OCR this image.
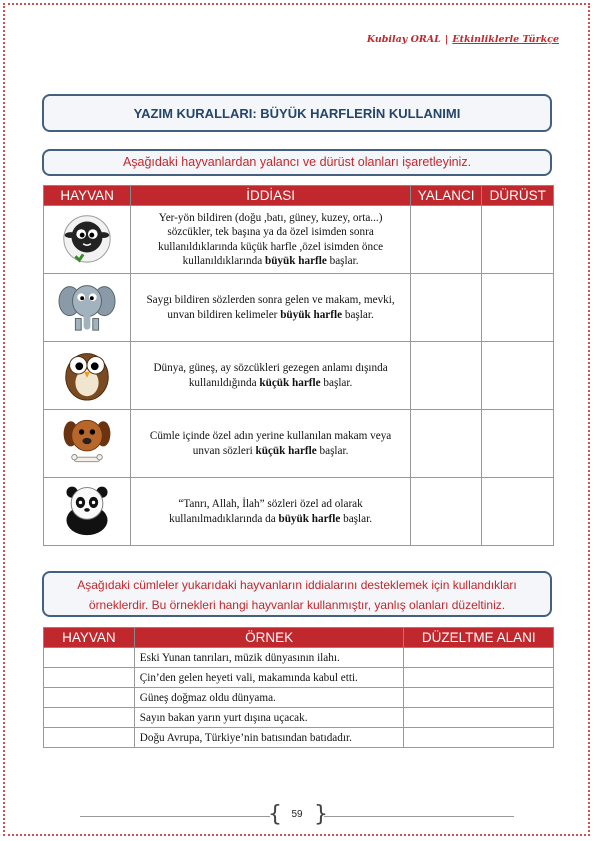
Kubilay ORAL | Etkinliklerle Türkçe
YAZIM KURALLARI: BÜYÜK HARFLERİN KULLANIMI
Aşağıdaki hayvanlardan yalancı ve dürüst olanları işaretleyiniz.
HAYVAN	İDDİASI	YALANCI	DÜRÜST
	Yer-yön bildiren (doğu ,batı, güney, kuzey, orta...) sözcükler, tek başına ya da özel isimden sonra kullanıldıklarında küçük harfle ,özel isimden önce kullanıldıklarında büyük harfle başlar.		
	Saygı bildiren sözlerden sonra gelen ve makam, mevki, unvan bildiren kelimeler büyük harfle başlar.		
	Dünya, güneş, ay sözcükleri gezegen anlamı dışında kullanıldığında küçük harfle başlar.		
	Cümle içinde özel adın yerine kullanılan makam veya unvan sözleri küçük harfle başlar.		
	“Tanrı, Allah, İlah” sözleri özel ad olarak kullanılmadıklarında da büyük harfle başlar.		
Aşağıdaki cümleler yukarıdaki hayvanların iddialarını desteklemek için kullandıkları
örneklerdir. Bu örnekleri hangi hayvanlar kullanmıştır, yanlış olanları düzeltiniz.
HAYVAN	ÖRNEK	DÜZELTME ALANI
	Eski Yunan tanrıları, müzik dünyasının ilahı.	
	Çin’den gelen heyeti vali, makamında kabul etti.	
	Güneş doğmaz oldu dünyama.	
	Sayın bakan yarın yurt dışına uçacak.	
	Doğu Avrupa, Türkiye’nin batısından batıdadır.	
{ 59 }
